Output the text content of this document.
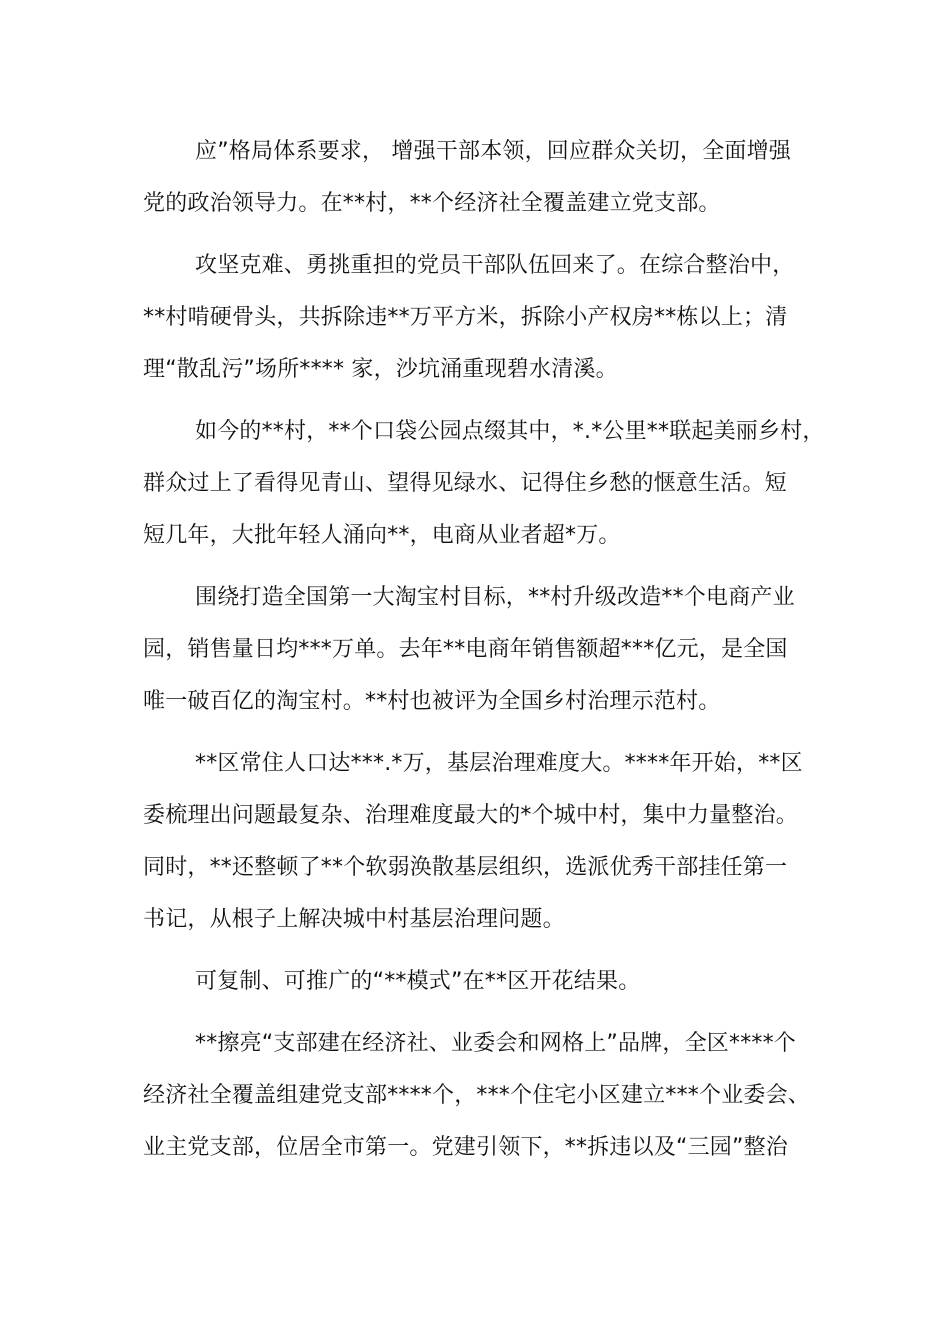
应”格局体系要求， 增强干部本领，回应群众关切，全面增强
党的政治领导力。在**村，**个经济社全覆盖建立党支部。
攻坚克难、勇挑重担的党员干部队伍回来了。在综合整治中，
**村啃硬骨头，共拆除违**万平方米，拆除小产权房**栋以上；清
理“散乱污”场所**** 家，沙坑涌重现碧水清溪。
如今的**村，**个口袋公园点缀其中，*.*公里**联起美丽乡村，
群众过上了看得见青山、望得见绿水、记得住乡愁的惬意生活。短
短几年，大批年轻人涌向**，电商从业者超*万。
围绕打造全国第一大淘宝村目标，**村升级改造**个电商产业
园，销售量日均***万单。去年**电商年销售额超***亿元，是全国
唯一破百亿的淘宝村。**村也被评为全国乡村治理示范村。
**区常住人口达***.*万，基层治理难度大。****年开始，**区
委梳理出问题最复杂、治理难度最大的*个城中村，集中力量整治。
同时，**还整顿了**个软弱涣散基层组织，选派优秀干部挂任第一
书记，从根子上解决城中村基层治理问题。
可复制、可推广的“**模式”在**区开花结果。
**擦亮“支部建在经济社、业委会和网格上”品牌，全区****个
经济社全覆盖组建党支部****个，***个住宅小区建立***个业委会、
业主党支部，位居全市第一。党建引领下，**拆违以及“三园”整治
